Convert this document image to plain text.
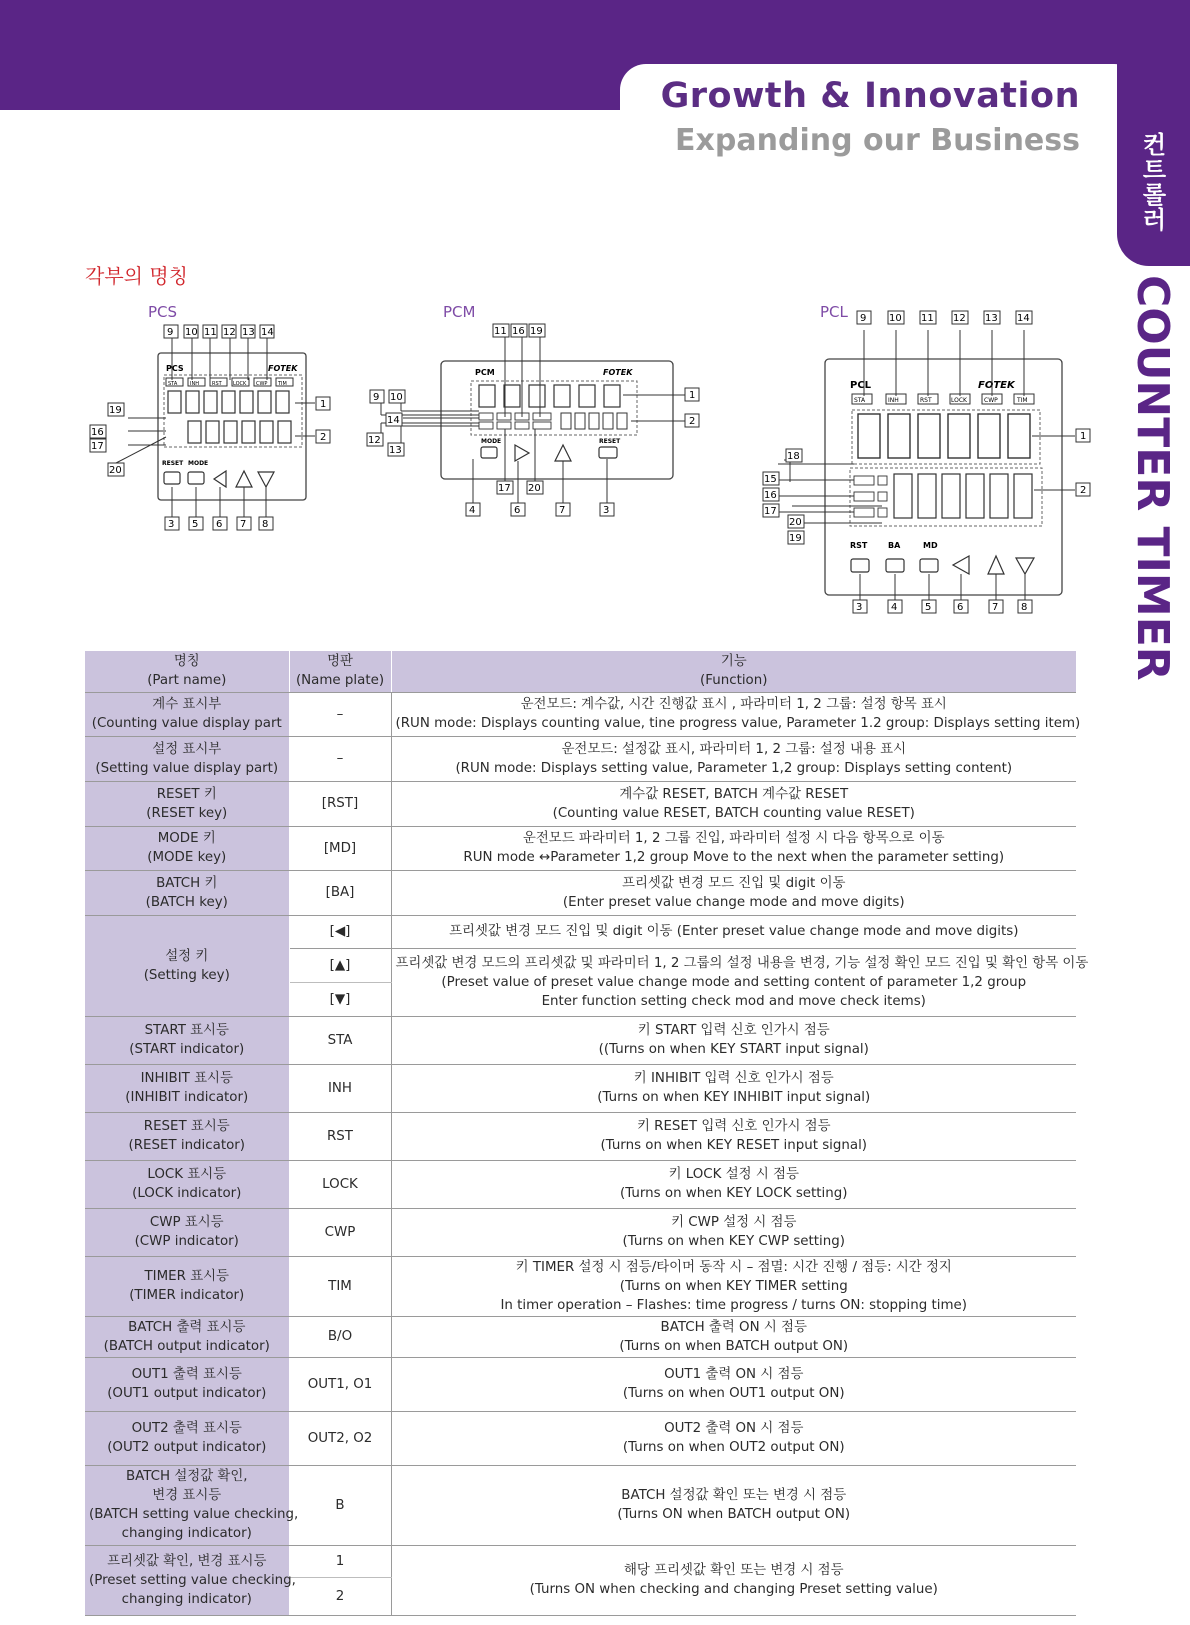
Growth & Innovation
Expanding our Business	컨트롤러
COUNTER TIMER
각부의 명칭
PCS	PCM	PCL
PCS	FOTEK
STA	INH	RST LOCK CWP TIM
RESET MODE
9 10 11 12 13 14
1
2
19
16
17
20
3 5 6 7 8
PCM	FOTEK
MODE	RESET
11 16 19
1
2
9 10
14
12
13
4
17
6
20
7	3
PCL	FOTEK
STA	INH	RST	LOCK	CWP	TIM
RST	BA	MD
9 10 11 12 13 14
1
2
18
15
16
17
20
19
3	4	5	6	7 8
명칭
(Part name)	명판
(Name plate)	기능
(Function)

계수 표시부
(Counting value display part	–	운전모드: 계수값, 시간 진행값 표시 , 파라미터 1, 2 그룹: 설정 항목 표시
(RUN mode: Displays counting value, tine progress value, Parameter 1.2 group: Displays setting item)

설정 표시부
(Setting value display part)	–	운전모드: 설정값 표시, 파라미터 1, 2 그룹: 설정 내용 표시
(RUN mode: Displays setting value, Parameter 1,2 group: Displays setting content)

RESET 키
(RESET key)	[RST]	계수값 RESET, BATCH 계수값 RESET
(Counting value RESET, BATCH counting value RESET)

MODE 키
(MODE key)	[MD]	운전모드 파라미터 1, 2 그룹 진입, 파라미터 설정 시 다음 항목으로 이동
RUN mode ↔Parameter 1,2 group Move to the next when the parameter setting)

BATCH 키
(BATCH key)	[BA]	프리셋값 변경 모드 진입 및 digit 이동
(Enter preset value change mode and move digits)

설정 키
(Setting key)	[◀]	프리셋값 변경 모드 진입 및 digit 이동 (Enter preset value change mode and move digits)

	[▲]	프리셋값 변경 모드의 프리셋값 및 파라미터 1, 2 그룹의 설정 내용을 변경, 기능 설정 확인 모드 진입 및 확인 항목 이동
(Preset value of preset value change mode and setting content of parameter 1,2 group
Enter function setting check mod and move check items)

	[▼]	

START 표시등
(START indicator)	STA	키 START 입력 신호 인가시 점등
((Turns on when KEY START input signal)

INHIBIT 표시등
(INHIBIT indicator)	INH	키 INHIBIT 입력 신호 인가시 점등
(Turns on when KEY INHIBIT input signal)

RESET 표시등
(RESET indicator)	RST	키 RESET 입력 신호 인가시 점등
(Turns on when KEY RESET input signal)

LOCK 표시등
(LOCK indicator)	LOCK	키 LOCK 설정 시 점등
(Turns on when KEY LOCK setting)

CWP 표시등
(CWP indicator)	CWP	키 CWP 설정 시 점등
(Turns on when KEY CWP setting)

TIMER 표시등
(TIMER indicator)	TIM	키 TIMER 설정 시 점등/타이머 동작 시 – 점멸: 시간 진행 / 점등: 시간 정지
(Turns on when KEY TIMER setting
In timer operation – Flashes: time progress / turns ON: stopping time)

BATCH 출력 표시등
(BATCH output indicator)	B/O	BATCH 출력 ON 시 점등
(Turns on when BATCH output ON)

OUT1 출력 표시등
(OUT1 output indicator)	OUT1, O1	OUT1 출력 ON 시 점등
(Turns on when OUT1 output ON)

OUT2 출력 표시등
(OUT2 output indicator)	OUT2, O2	OUT2 출력 ON 시 점등
(Turns on when OUT2 output ON)

BATCH 설정값 확인,
변경 표시등
(BATCH setting value checking,
changing indicator)	B	BATCH 설정값 확인 또는 변경 시 점등
(Turns ON when BATCH output ON)

프리셋값 확인, 변경 표시등
(Preset setting value checking,
changing indicator)	1	해당 프리셋값 확인 또는 변경 시 점등
(Turns ON when checking and changing Preset setting value)

	2	
